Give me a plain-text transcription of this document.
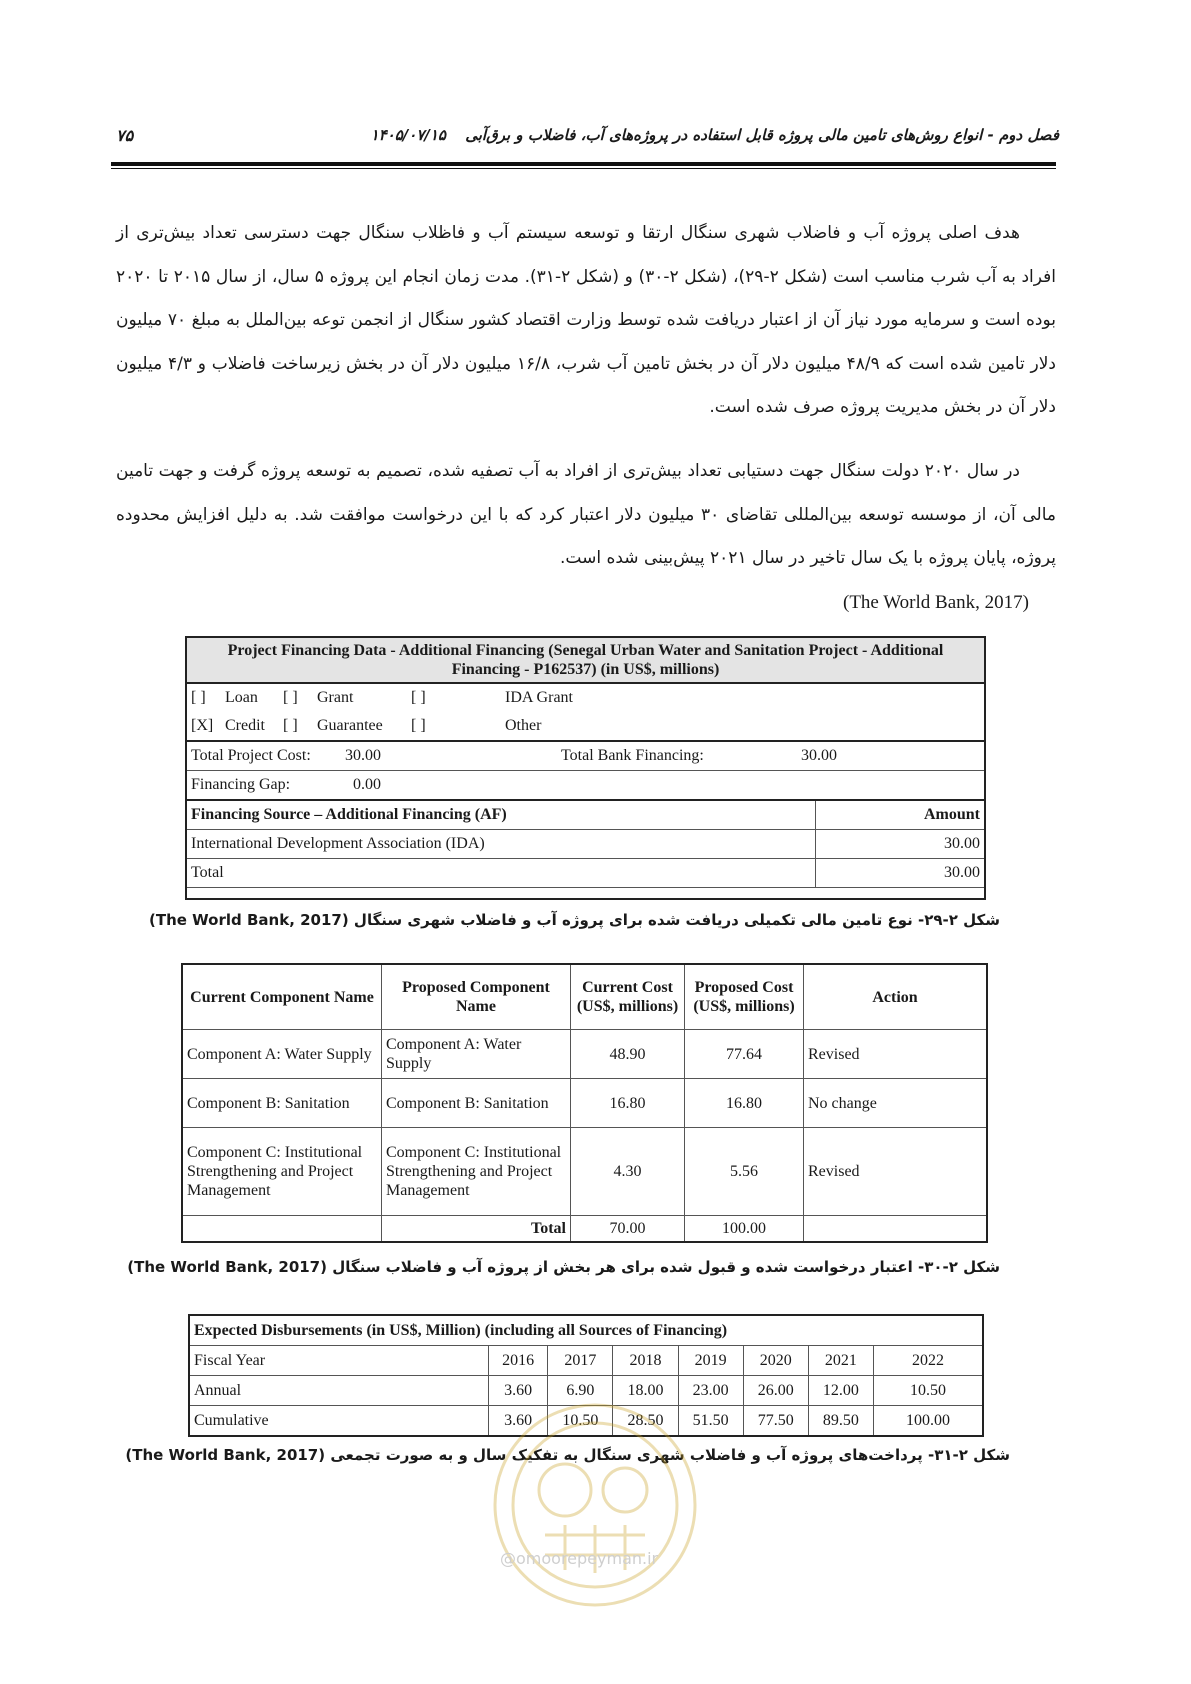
فصل دوم - انواع روش‌های تامین مالی پروژه قابل استفاده در پروژه‌های آب، فاضلاب و برق‌آبی ۱۴۰۵/۰۷/۱۵
۷۵

هدف اصلی پروژه آب و فاضلاب شهری سنگال ارتقا و توسعه سیستم آب و فاظلاب سنگال جهت دسترسی تعداد بیش‌تری از افراد به آب شرب مناسب است (شکل ۲-۲۹)، (شکل ۲-۳۰) و (شکل ۲-۳۱). مدت زمان انجام این پروژه ۵ سال، از سال ۲۰۱۵ تا ۲۰۲۰ بوده است و سرمایه مورد نیاز آن از اعتبار دریافت شده توسط وزارت اقتصاد کشور سنگال از انجمن توعه بین‌الملل به مبلغ ۷۰ میلیون دلار تامین شده است که ۴۸/۹ میلیون دلار آن در بخش تامین آب شرب، ۱۶/۸ میلیون دلار آن در بخش زیرساخت فاضلاب و ۴/۳ میلیون دلار آن در بخش مدیریت پروژه صرف شده است.

در سال ۲۰۲۰ دولت سنگال جهت دستیابی تعداد بیش‌تری از افراد به آب تصفیه شده، تصمیم به توسعه پروژه گرفت و جهت تامین مالی آن، از موسسه توسعه بین‌المللی تقاضای ۳۰ میلیون دلار اعتبار کرد که با این درخواست موافقت شد. به دلیل افزایش محدوده پروژه، پایان پروژه با یک سال تاخیر در سال ۲۰۲۱ پیش‌بینی شده است.

(The World Bank, 2017)
Project Financing Data - Additional Financing (Senegal Urban Water and Sanitation Project - Additional Financing - P162537) (in US$, millions)	
[ ] Loan [ ] Grant [ ] IDA Grant	
[X] Credit [ ] Guarantee [ ] Other	
Total Project Cost: 30.00 Total Bank Financing: 30.00	
Financing Gap: 0.00	
Financing Source – Additional Financing (AF)	Amount
International Development Association (IDA)	30.00
Total	30.00

شکل ۲-۲۹- نوع تامین مالی تکمیلی دریافت شده برای پروژه آب و فاضلاب شهری سنگال (The World Bank, 2017)
Current Component Name	Proposed Component Name	Current Cost (US$, millions)	Proposed Cost (US$, millions)	Action
Component A: Water Supply	Component A: Water Supply	48.90	77.64	Revised
Component B: Sanitation	Component B: Sanitation	16.80	16.80	No change
Component C: Institutional Strengthening and Project Management	Component C: Institutional Strengthening and Project Management	4.30	5.56	Revised
	Total	70.00	100.00	
شکل ۲-۳۰- اعتبار درخواست شده و قبول شده برای هر بخش از پروژه آب و فاضلاب سنگال (The World Bank, 2017)
Expected Disbursements (in US$, Million) (including all Sources of Financing)							
Fiscal Year	2016	2017	2018	2019	2020	2021	2022
Annual	3.60	6.90	18.00	23.00	26.00	12.00	10.50
Cumulative	3.60	10.50	28.50	51.50	77.50	89.50	100.00
شکل ۲-۳۱- پرداخت‌های پروژه آب و فاضلاب شهری سنگال به تفکیک سال و به صورت تجمعی (The World Bank, 2017)
@omoorepeyman.ir
